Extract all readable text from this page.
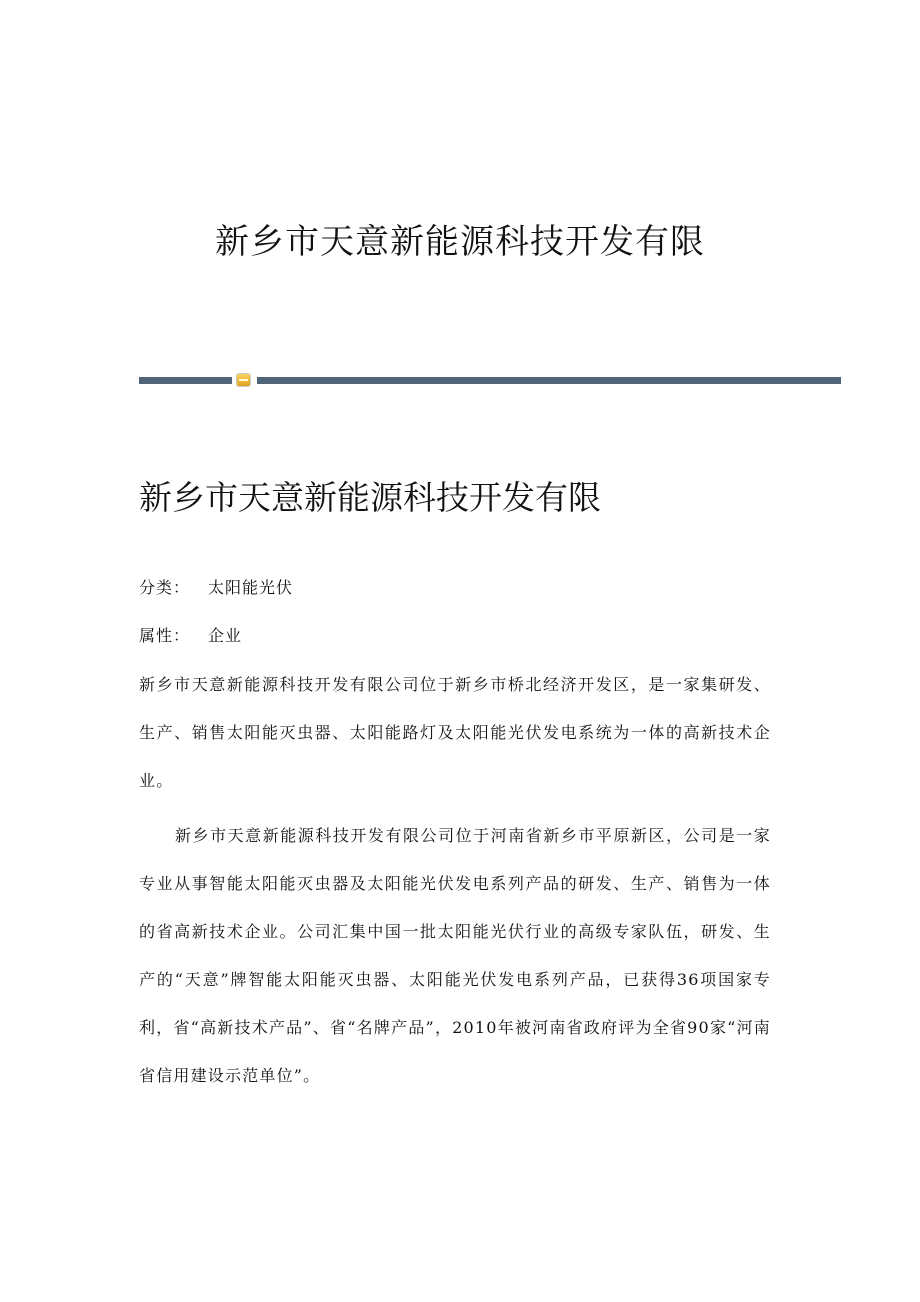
新乡市天意新能源科技开发有限
新乡市天意新能源科技开发有限
分类： 太阳能光伏
属性： 企业

新乡市天意新能源科技开发有限公司位于新乡市桥北经济开发区，是一家集研发、生产、销售太阳能灭虫器、太阳能路灯及太阳能光伏发电系统为一体的高新技术企业。

新乡市天意新能源科技开发有限公司位于河南省新乡市平原新区，公司是一家专业从事智能太阳能灭虫器及太阳能光伏发电系列产品的研发、生产、销售为一体的省高新技术企业。公司汇集中国一批太阳能光伏行业的高级专家队伍，研发、生产的“天意”牌智能太阳能灭虫器、太阳能光伏发电系列产品，已获得36项国家专利，省“高新技术产品”、省“名牌产品”，2010年被河南省政府评为全省90家“河南省信用建设示范单位”。
